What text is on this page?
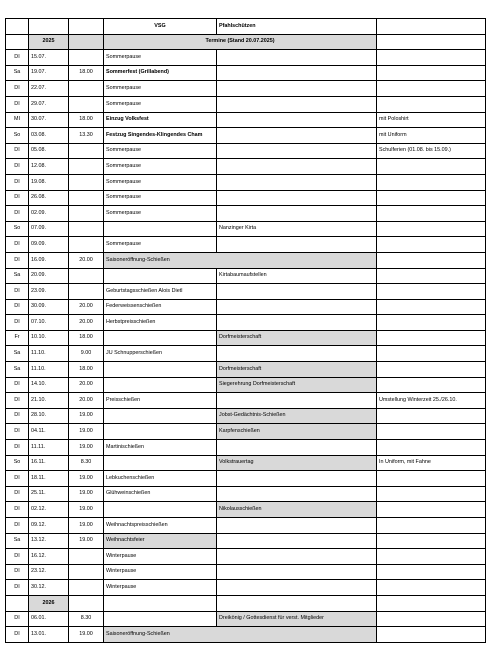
			VSG	Pfahlschützen	
	2025		Termine (Stand 20.07.2025)		
DI	15.07.		Sommerpause		
Sa	19.07.	18.00	Sommerfest (Grillabend)		
DI	22.07.		Sommerpause		
DI	29.07.		Sommerpause		
MI	30.07.	18.00	Einzug Volksfest		mit Poloshirt
So	03.08.	13.30	Festzug Singendes-Klingendes Cham		mit Uniform
DI	05.08.		Sommerpause		Schulferien (01.08. bis 15.09.)
DI	12.08.		Sommerpause		
DI	19.08.		Sommerpause		
DI	26.08.		Sommerpause		
DI	02.09.		Sommerpause		
So	07.09.			Nanzinger Kirta	
DI	09.09.		Sommerpause		
DI	16.09.	20.00	Saisoneröffnung-Schießen		
Sa	20.09.			Kirtabaumaufstellen	
DI	23.09.		Geburtstagsschießen Alois Dietl		
DI	30.09.	20.00	Federweissenschießen		
DI	07.10.	20.00	Herbstpreisschießen		
Fr	10.10.	18.00		Dorfmeisterschaft	
Sa	11.10.	9.00	JU Schnupperschießen		
Sa	11.10.	18.00		Dorfmeisterschaft	
DI	14.10.	20.00		Siegerehrung Dorfmeisterschaft	
DI	21.10.	20.00	Preisschießen		Umstellung Winterzeit 25./26.10.
DI	28.10.	19.00		Jobst-Gedächtnis-Schießen	
DI	04.11.	19.00		Karpfenschießen	
DI	11.11.	19.00	Martinischießen		
So	16.11.	8.30		Volkstrauertag	In Uniform, mit Fahne
DI	18.11.	19.00	Lebkuchenschießen		
DI	25.11.	19.00	Glühweinschießen		
DI	02.12.	19.00		Nikolausschießen	
DI	09.12.	19.00	Weihnachtspreisschießen		
Sa	13.12.	19.00	Weihnachtsfeier		
DI	16.12.		Winterpause		
DI	23.12.		Winterpause		
DI	30.12.		Winterpause		
	2026				
DI	06.01.	8.30		Dreikönig / Gottesdienst für verst. Mitglieder	
DI	13.01.	19.00	Saisoneröffnung-Schießen		
